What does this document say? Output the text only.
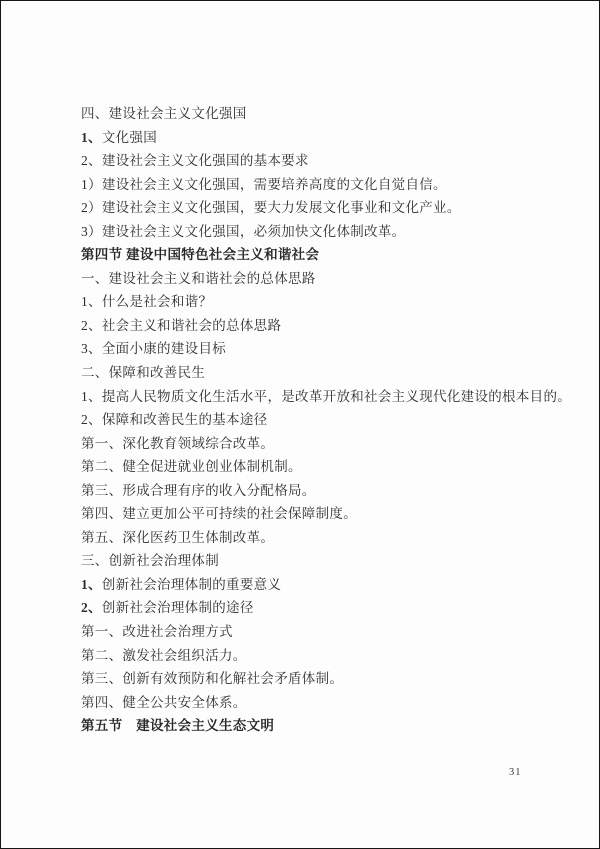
四、建设社会主义文化强国
1、文化强国
2、建设社会主义文化强国的基本要求
1）建设社会主义文化强国，需要培养高度的文化自觉自信。
2）建设社会主义文化强国，要大力发展文化事业和文化产业。
3）建设社会主义文化强国，必须加快文化体制改革。
第四节 建设中国特色社会主义和谐社会
一、建设社会主义和谐社会的总体思路
1、什么是社会和谐？
2、社会主义和谐社会的总体思路
3、全面小康的建设目标
二、保障和改善民生
1、提高人民物质文化生活水平，是改革开放和社会主义现代化建设的根本目的。
2、保障和改善民生的基本途径
第一、深化教育领域综合改革。
第二、健全促进就业创业体制机制。
第三、形成合理有序的收入分配格局。
第四、建立更加公平可持续的社会保障制度。
第五、深化医药卫生体制改革。
三、创新社会治理体制
1、创新社会治理体制的重要意义
2、创新社会治理体制的途径
第一、改进社会治理方式
第二、激发社会组织活力。
第三、创新有效预防和化解社会矛盾体制。
第四、健全公共安全体系。
第五节　建设社会主义生态文明
31
